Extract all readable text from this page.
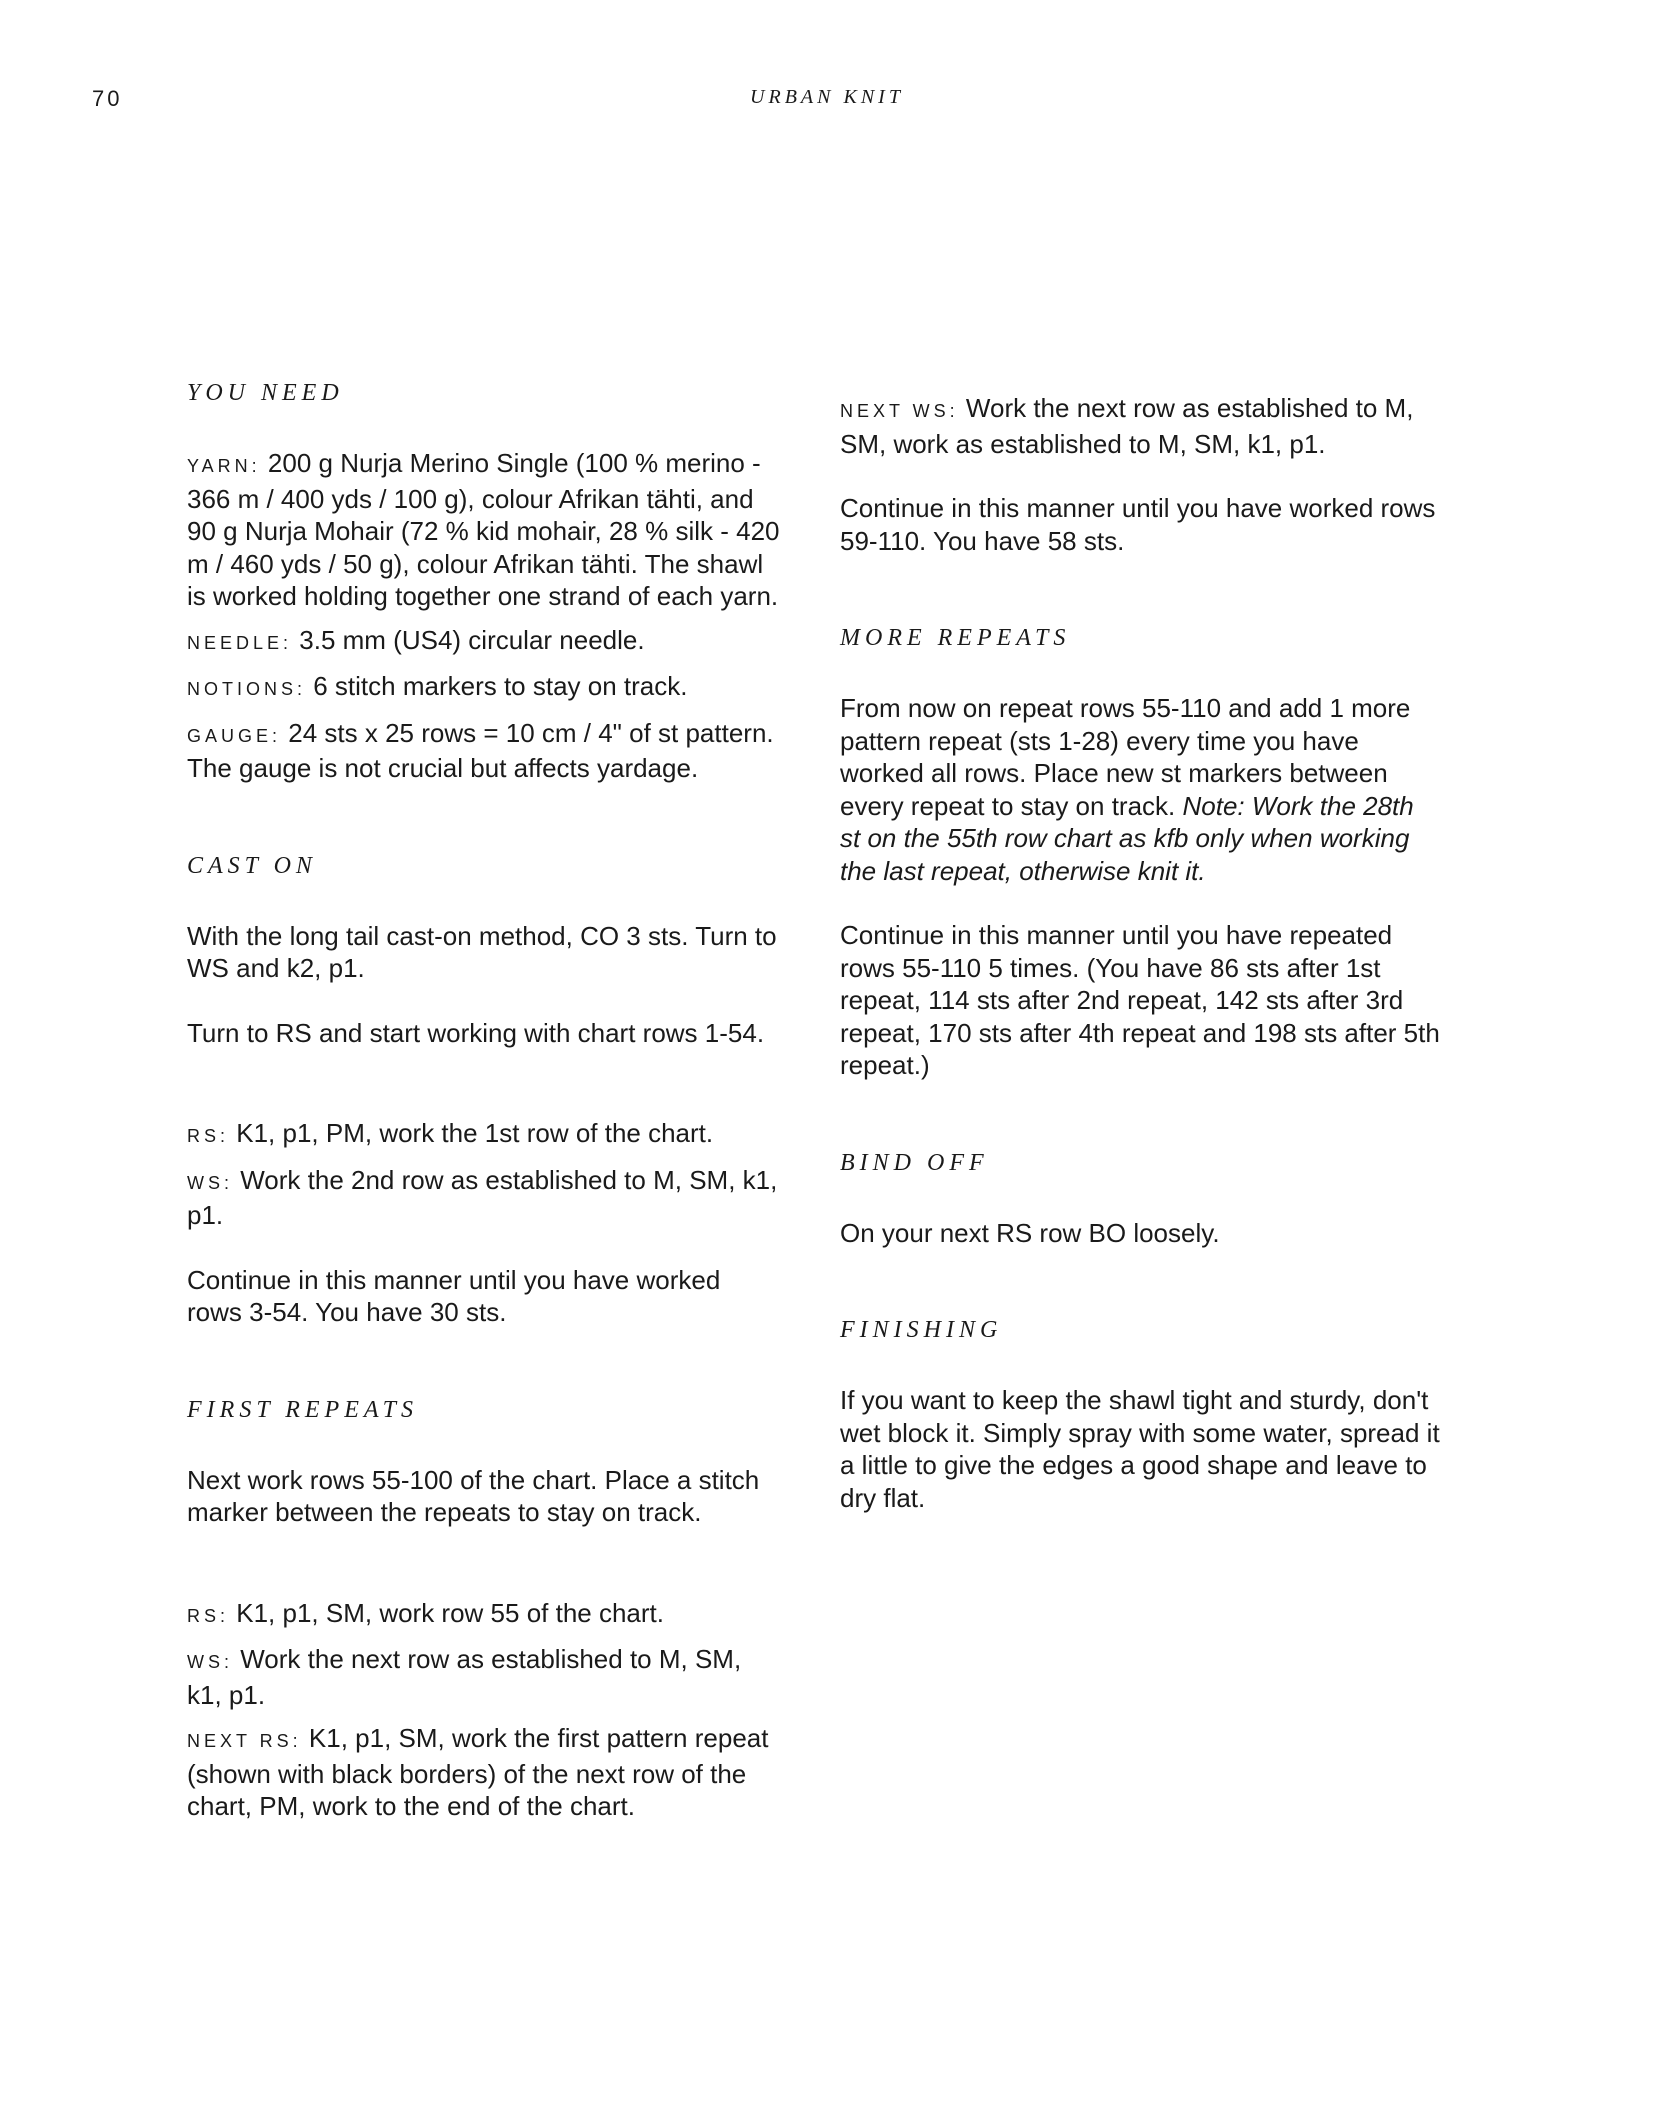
70	URBAN KNIT
YOU NEED

YARN: 200 g Nurja Merino Single (100 % merino - 366 m / 400 yds / 100 g), colour Afrikan tähti, and 90 g Nurja Mohair (72 % kid mohair, 28 % silk - 420 m / 460 yds / 50 g), colour Afrikan tähti. The shawl is worked holding together one strand of each yarn.

NEEDLE: 3.5 mm (US4) circular needle.

NOTIONS: 6 stitch markers to stay on track.

GAUGE: 24 sts x 25 rows = 10 cm / 4" of st pattern. The gauge is not crucial but affects yardage.

CAST ON

With the long tail cast-on method, CO 3 sts. Turn to WS and k2, p1.

Turn to RS and start working with chart rows 1-54.

RS: K1, p1, PM, work the 1st row of the chart.

WS: Work the 2nd row as established to M, SM, k1, p1.

Continue in this manner until you have worked rows 3-54. You have 30 sts.

FIRST REPEATS

Next work rows 55-100 of the chart. Place a stitch marker between the repeats to stay on track.

RS: K1, p1, SM, work row 55 of the chart.

WS: Work the next row as established to M, SM, k1, p1.

NEXT RS: K1, p1, SM, work the first pattern repeat (shown with black borders) of the next row of the chart, PM, work to the end of the chart.

NEXT WS: Work the next row as established to M, SM, work as established to M, SM, k1, p1.

Continue in this manner until you have worked rows 59-110. You have 58 sts.

MORE REPEATS

From now on repeat rows 55-110 and add 1 more pattern repeat (sts 1-28) every time you have worked all rows. Place new st markers between every repeat to stay on track. Note: Work the 28th st on the 55th row chart as kfb only when working the last repeat, otherwise knit it.

Continue in this manner until you have repeated rows 55-110 5 times. (You have 86 sts after 1st repeat, 114 sts after 2nd repeat, 142 sts after 3rd repeat, 170 sts after 4th repeat and 198 sts after 5th repeat.)

BIND OFF

On your next RS row BO loosely.

FINISHING

If you want to keep the shawl tight and sturdy, don't wet block it. Simply spray with some water, spread it a little to give the edges a good shape and leave to dry flat.
